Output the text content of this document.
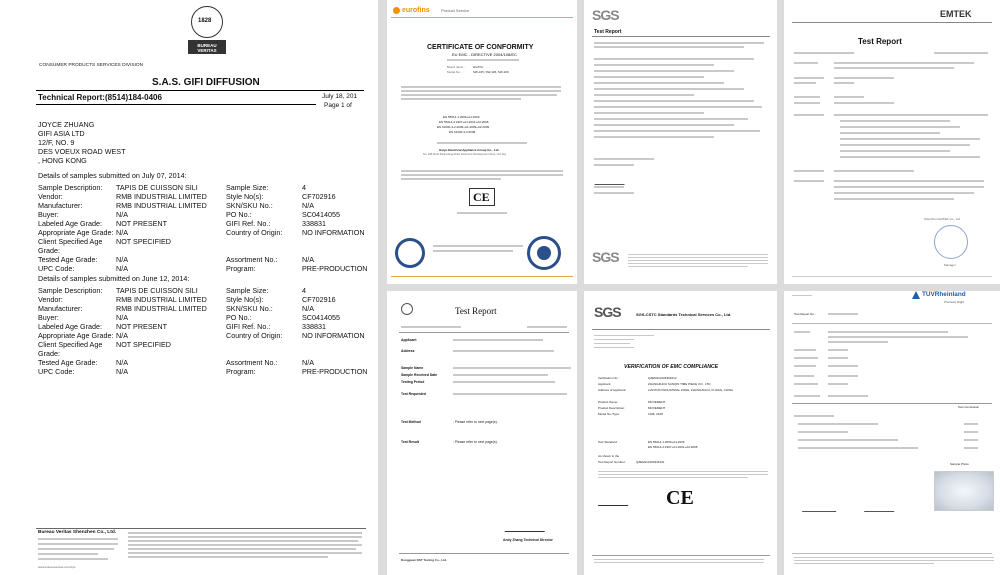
1828
BUREAU VERITAS
CONSUMER PRODUCTS SERVICES DIVISION
S.A.S. GIFI DIFFUSION
Technical Report: (8514)184-0406	July 18, 201
Page 1 of
JOYCE ZHUANG
GIFI ASIA LTD
12/F, NO. 9
DES VOEUX ROAD WEST
, HONG KONG
Details of samples submitted on July 07, 2014:
Sample Description: TAPIS DE CUISSON SILI	Sample Size:	4
Vendor:	RMB INDUSTRIAL LIMITED	Style No(s):	CF702916
Manufacturer:	RMB INDUSTRIAL LIMITED	SKN/SKU No.:	N/A
Buyer:	N/A	PO No.:	SC0414055
Labeled Age Grade: NOT PRESENT	GIFI Ref. No.:	338831
Appropriate Age Grade: N/A	Country of Origin:	NO INFORMATION
Client Specified Age NOT SPECIFIED
Grade:
Tested Age Grade:	N/A	Assortment No.:	N/A
UPC Code:	N/A	Program:	PRE-PRODUCTION
Details of samples submitted on June 12, 2014:
Sample Description: TAPIS DE CUISSON SILI	Sample Size:	4
Vendor:	RMB INDUSTRIAL LIMITED	Style No(s):	CF702916
Manufacturer:	RMB INDUSTRIAL LIMITED	SKN/SKU No.:	N/A
Buyer:	N/A	PO No.:	SC0414055
Labeled Age Grade: NOT PRESENT	GIFI Ref. No.:	338831
Appropriate Age Grade: N/A	Country of Origin:	NO INFORMATION
Client Specified Age NOT SPECIFIED
Grade:
Tested Age Grade:	N/A	Assortment No.:	N/A
UPC Code:	N/A	Program:	PRE-PRODUCTION
Bureau Veritas Shenzhen Co., Ltd.
www.bureauveritas.com/cps
eurofins	Product Service
CERTIFICATE OF CONFORMITY
EU EMC - DIRECTIVE 2004/108/EC
Brand name :	HUAYU
Model No. :	SW-105, SW-106, SW-160
EN 55014-1:2006+A1:2009
EN 55014-2:1997+A1:2001+A2:2008
EN 61000-3-2:2006+A1:2009+A2:2009
EN 61000-3-3:2008
Huiyu Electrical Appliance Group Co., Ltd
No. 108 North Ruianxiang Road, Economic Development Zone, Cixi City
CE
SGS
Test Report
SGS
EMTEK
Test Report
Shenzhen EMTEK Co., Ltd
Manager
Test Report
Applicant
Address
Sample Name
Sample Received Date
Testing Period
Test Requested
Test Method	: Please refer to next page(s).
Test Result	: Please refer to next page(s).
Andy Zhang Technical Director
Dongguan NST Testing Co., Ltd.
SGS	SGS-CSTC Standards Technical Services Co., Ltd.
VERIFICATION OF EMC COMPLIANCE
Verification No.:	QZEM11010636461V
Applicant:	ZHANGZHOU SANQIN TIME PIECE CO., LTD
Address of Applicant:	LIANTIAN INDUSTRIAL ZONE, ZHANGZHOU, FUJIAN, CHINA
Product Name:	MOVEMENT
Product Description:	MOVEMENT
Model No./Type:	1108, 2108
Test Standard:	EN 55014-1:2006+A1:2009
EN 55014-2:1997+A1:2001+A2:2008
As shown in the
Test Report Number:	QZEM110100346101
CE
Test Report No.:
TÜVRheinland
Precisely Right.
Test Conclusion
Sample Photo
